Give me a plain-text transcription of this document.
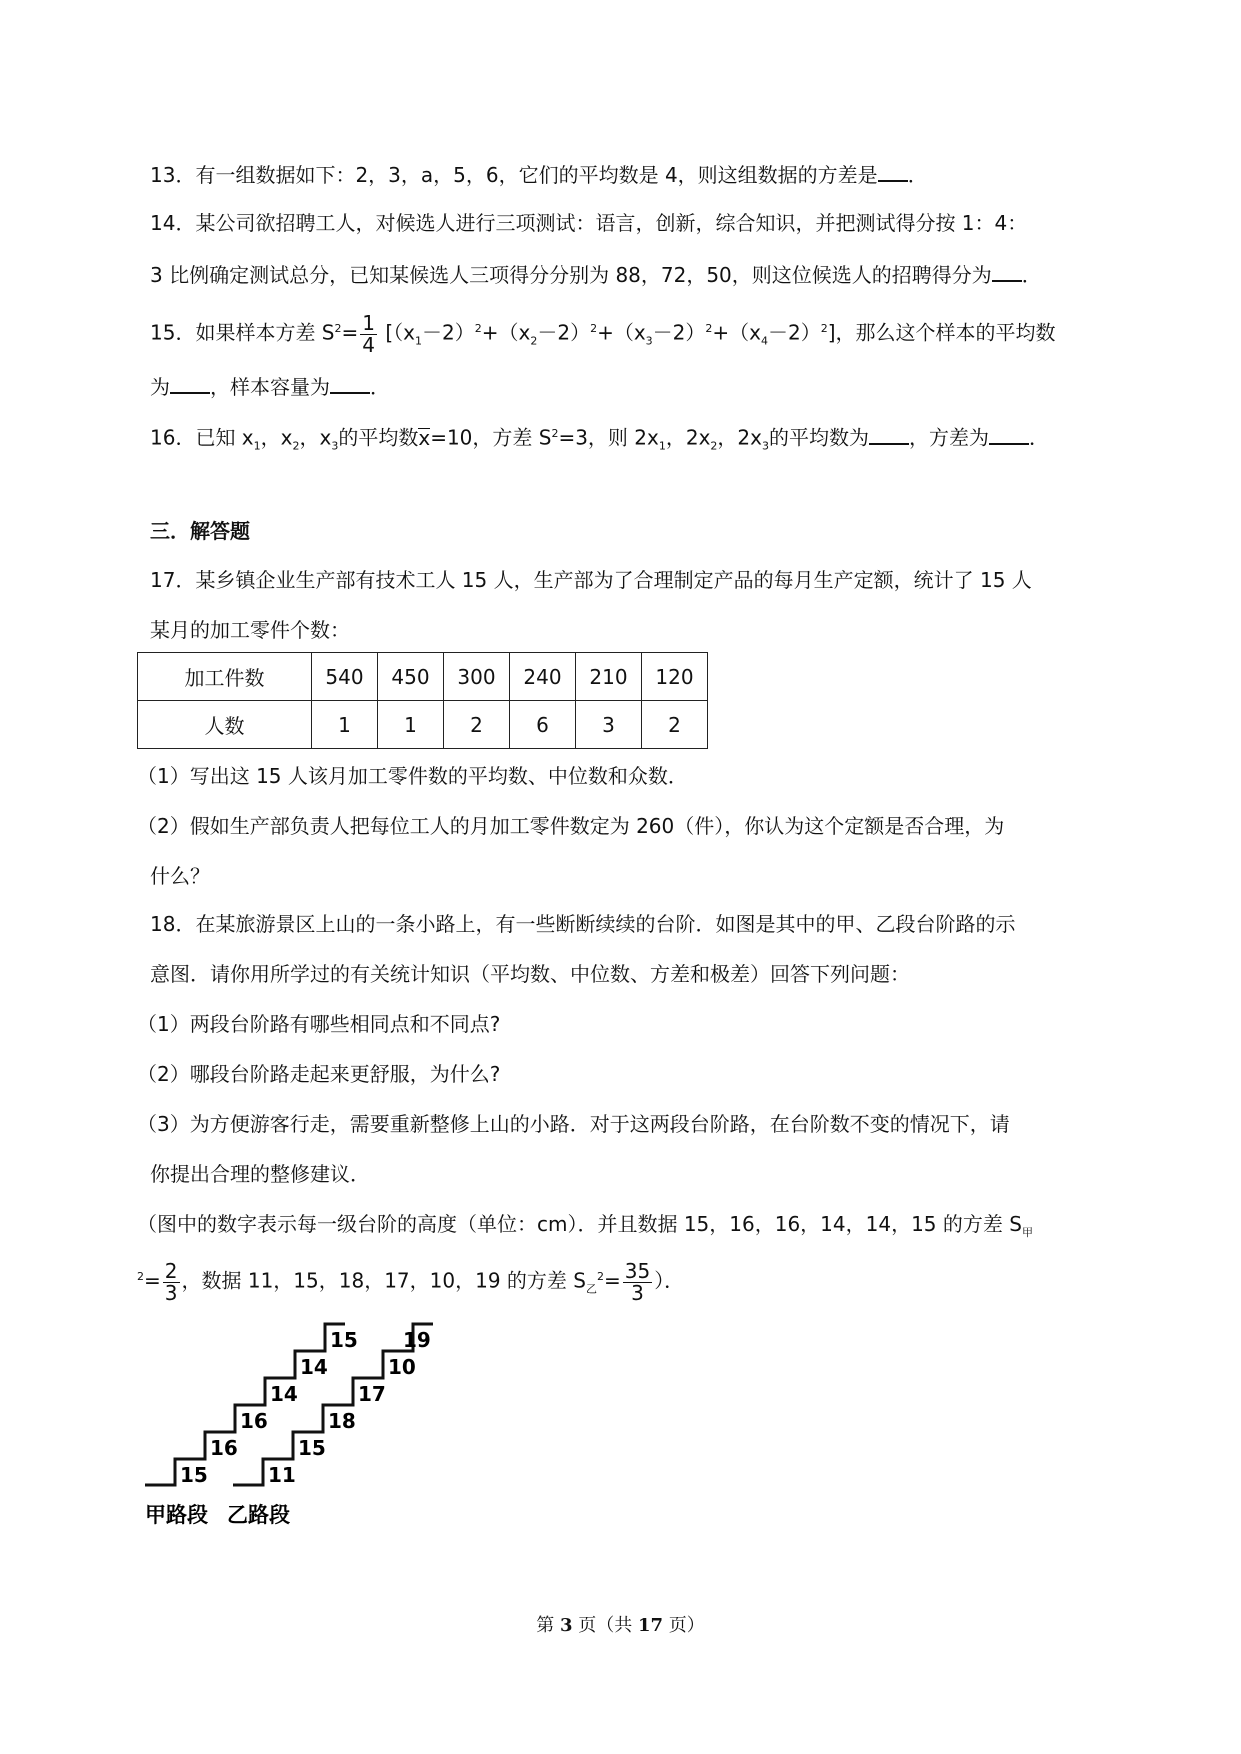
13．有一组数据如下：2，3，a，5，6，它们的平均数是 4，则这组数据的方差是 ．
14．某公司欲招聘工人，对候选人进行三项测试：语言，创新，综合知识，并把测试得分按 1：4：
3 比例确定测试总分，已知某候选人三项得分分别为 88，72，50，则这位候选人的招聘得分为 ．
15．如果样本方差 $S^2= \frac{1}{4} [(x_1-2)^2+(x_2-2)^2+(x_3-2)^2+(x_4-2)^2]$，那么这个样本的平均数
为 ，样本容量为 ．
16．已知 $x_1$，$x_2$，$x_3$的平均数x=10，方差 $S^2=3$，则 $2x_1$，$2x_2$，$2x_3$的平均数为 ，方差为 ．
三．解答题
17．某乡镇企业生产部有技术工人 15 人，生产部为了合理制定产品的每月生产定额，统计了 15 人
某月的加工零件个数：
加工件数	540	450	300	240	210	120
人数	1	1	2	6	3	2
（1）写出这 15 人该月加工零件数的平均数、中位数和众数．
（2）假如生产部负责人把每位工人的月加工零件数定为 260（件），你认为这个定额是否合理，为
什么？
18．在某旅游景区上山的一条小路上，有一些断断续续的台阶．如图是其中的甲、乙段台阶路的示
意图．请你用所学过的有关统计知识（平均数、中位数、方差和极差）回答下列问题：
（1）两段台阶路有哪些相同点和不同点?
（2）哪段台阶路走起来更舒服，为什么?
（3）为方便游客行走，需要重新整修上山的小路．对于这两段台阶路，在台阶数不变的情况下，请
你提出合理的整修建议．
（图中的数字表示每一级台阶的高度（单位：cm）．并且数据 15，16，16，14，14，15 的方差 $S_甲$
$^2= \frac{2}{3}$ ，数据 11，15，18，17，10，19 的方差 $S_乙^2= \frac{35}{3}$ ）．
15
16
16
14
14
15
11
15
18
17
10
19
甲路段 乙路段
第 3 页（共 17 页）
